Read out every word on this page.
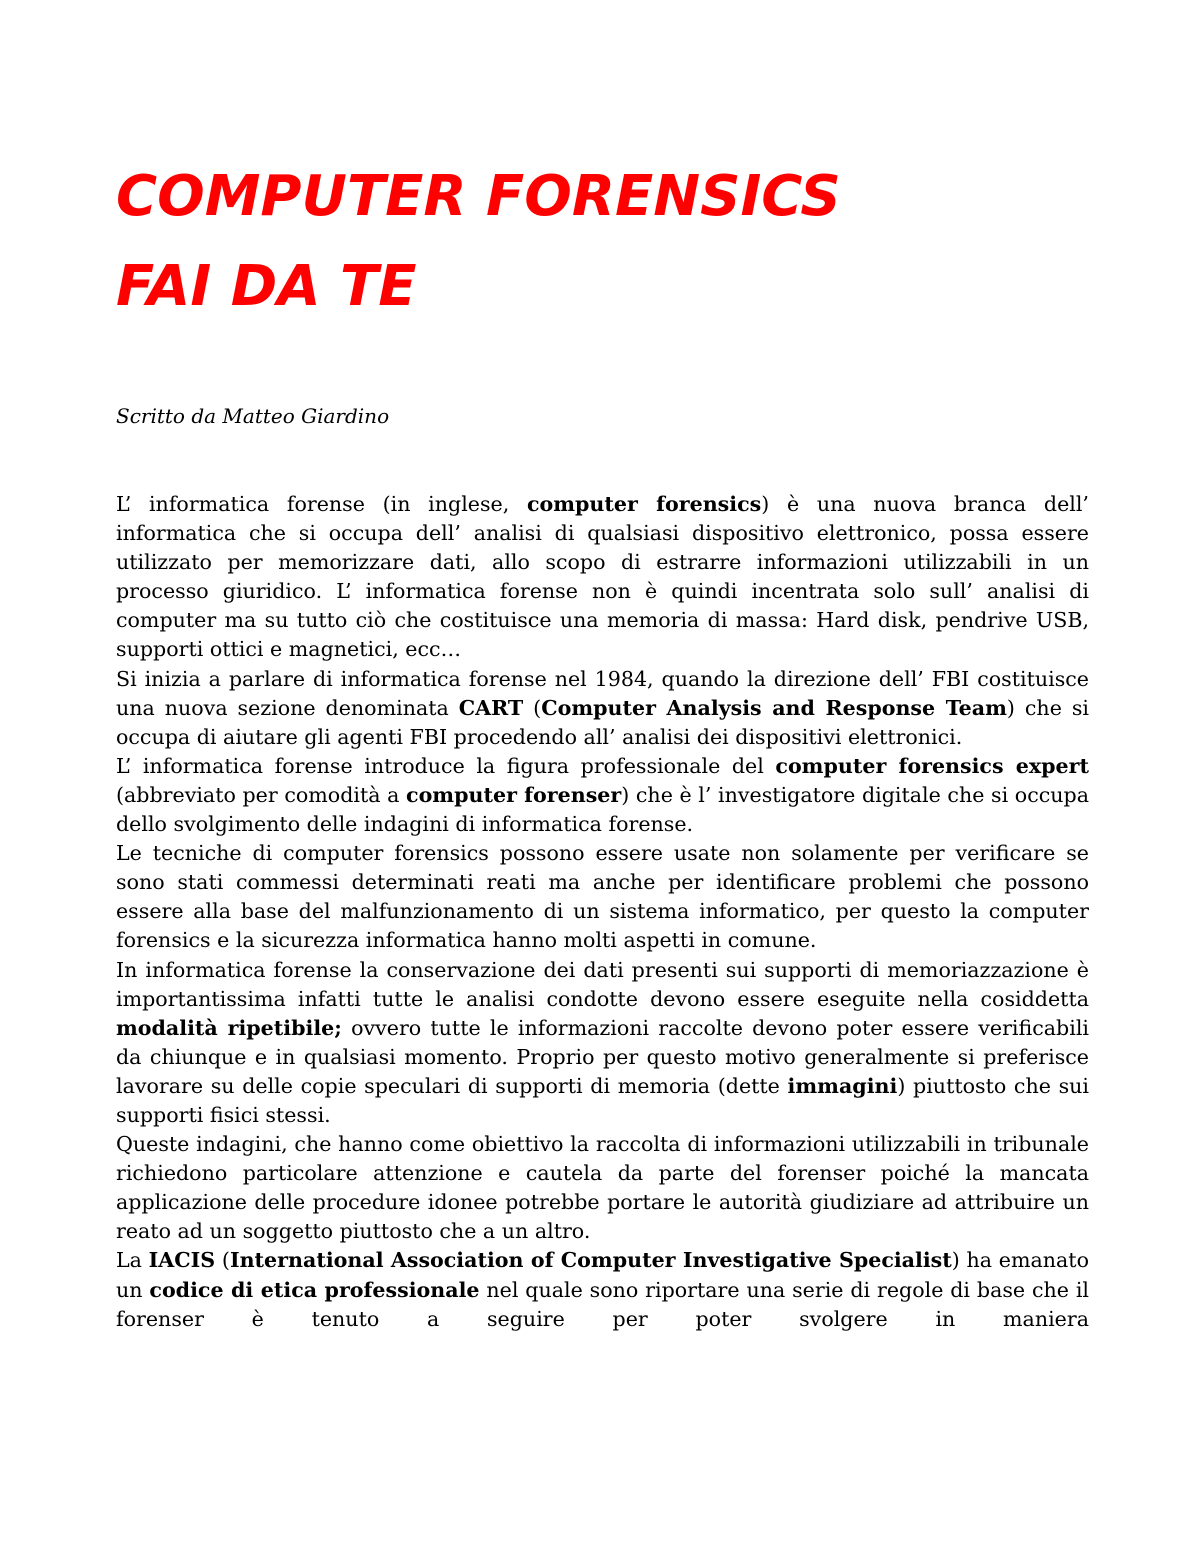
COMPUTER FORENSICS
FAI DA TE

Scritto da Matteo Giardino

L’ informatica forense (in inglese, computer forensics) è una nuova branca dell’ informatica che si occupa dell’ analisi di qualsiasi dispositivo elettronico, possa essere utilizzato per memorizzare dati, allo scopo di estrarre informazioni utilizzabili in un processo giuridico. L’ informatica forense non è quindi incentrata solo sull’ analisi di computer ma su tutto ciò che costituisce una memoria di massa: Hard disk, pendrive USB, supporti ottici e magnetici, ecc…

Si inizia a parlare di informatica forense nel 1984, quando la direzione dell’ FBI costituisce una nuova sezione denominata CART (Computer Analysis and Response Team) che si occupa di aiutare gli agenti FBI procedendo all’ analisi dei dispositivi elettronici.

L’ informatica forense introduce la figura professionale del computer forensics expert (abbreviato per comodità a computer forenser) che è l’ investigatore digitale che si occupa dello svolgimento delle indagini di informatica forense.

Le tecniche di computer forensics possono essere usate non solamente per verificare se sono stati commessi determinati reati ma anche per identificare problemi che possono essere alla base del malfunzionamento di un sistema informatico, per questo la computer forensics e la sicurezza informatica hanno molti aspetti in comune.

In informatica forense la conservazione dei dati presenti sui supporti di memoriazzazione è importantissima infatti tutte le analisi condotte devono essere eseguite nella cosiddetta modalità ripetibile; ovvero tutte le informazioni raccolte devono poter essere verificabili da chiunque e in qualsiasi momento. Proprio per questo motivo generalmente si preferisce lavorare su delle copie speculari di supporti di memoria (dette immagini) piuttosto che sui supporti fisici stessi.

Queste indagini, che hanno come obiettivo la raccolta di informazioni utilizzabili in tribunale richiedono particolare attenzione e cautela da parte del forenser poiché la mancata applicazione delle procedure idonee potrebbe portare le autorità giudiziare ad attribuire un reato ad un soggetto piuttosto che a un altro.

La IACIS (International Association of Computer Investigative Specialist) ha emanato un codice di etica professionale nel quale sono riportare una serie di regole di base che il forenser è tenuto a seguire per poter svolgere in maniera
